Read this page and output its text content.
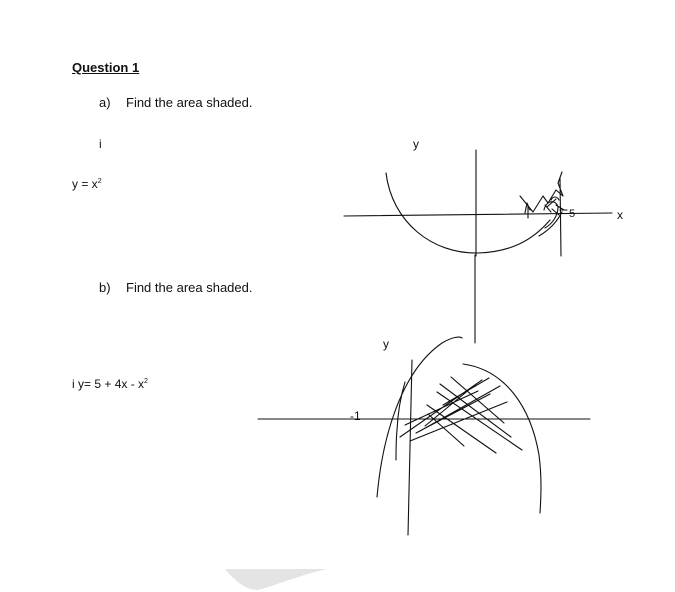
Question 1
a) Find the area shaded.
i
$y = x^2$
b) Find the area shaded.
i $y= 5 + 4x - x^2$
y
x
5
y
-1
